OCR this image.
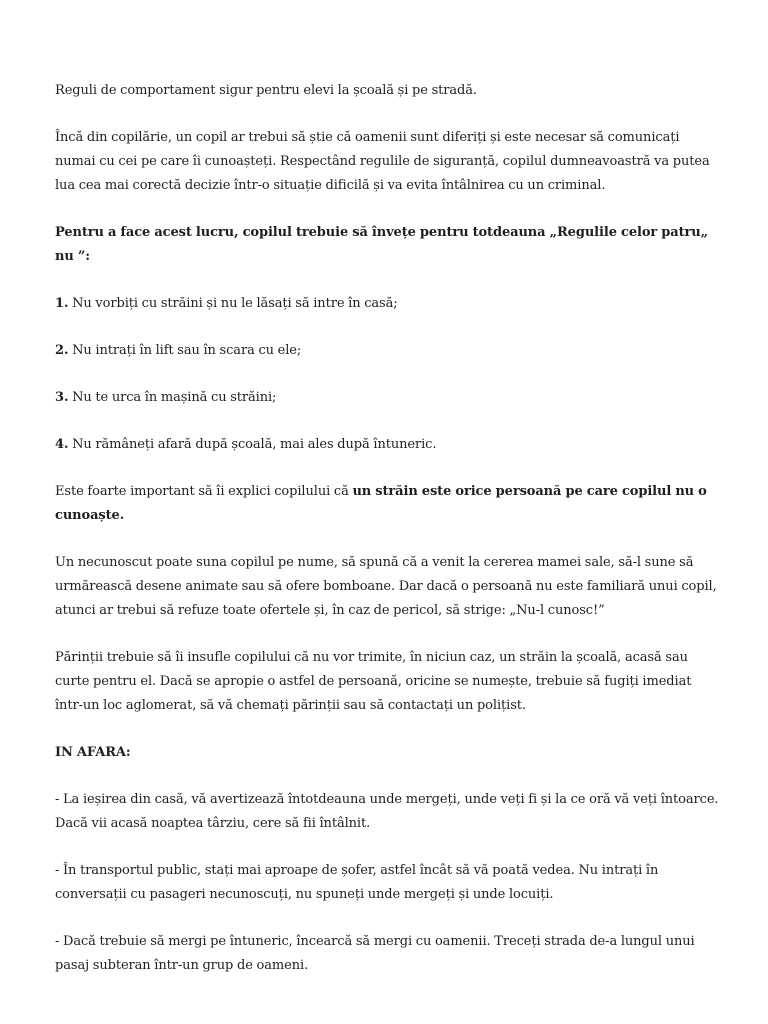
Reguli de comportament sigur pentru elevi la școală și pe stradă.

Încă din copilărie, un copil ar trebui să știe că oamenii sunt diferiți și este necesar să comunicați numai cu cei pe care îi cunoașteți. Respectând regulile de siguranță, copilul dumneavoastră va putea lua cea mai corectă decizie într-o situație dificilă și va evita întâlnirea cu un criminal.

Pentru a face acest lucru, copilul trebuie să învețe pentru totdeauna „Regulile celor patru„ nu ”:

1. Nu vorbiți cu străini și nu le lăsați să intre în casă;

2. Nu intrați în lift sau în scara cu ele;

3. Nu te urca în mașină cu străini;

4. Nu rămâneți afară după școală, mai ales după întuneric.

Este foarte important să îi explici copilului că un străin este orice persoană pe care copilul nu o cunoaște.

Un necunoscut poate suna copilul pe nume, să spună că a venit la cererea mamei sale, să-l sune să urmărească desene animate sau să ofere bomboane. Dar dacă o persoană nu este familiară unui copil, atunci ar trebui să refuze toate ofertele și, în caz de pericol, să strige: „Nu-l cunosc!”

Părinții trebuie să îi insufle copilului că nu vor trimite, în niciun caz, un străin la școală, acasă sau curte pentru el. Dacă se apropie o astfel de persoană, oricine se numește, trebuie să fugiți imediat într-un loc aglomerat, să vă chemați părinții sau să contactați un polițist.

IN AFARA:

- La ieșirea din casă, vă avertizează întotdeauna unde mergeți, unde veți fi și la ce oră vă veți întoarce. Dacă vii acasă noaptea târziu, cere să fii întâlnit.

- În transportul public, stați mai aproape de șofer, astfel încât să vă poată vedea. Nu intrați în conversații cu pasageri necunoscuți, nu spuneți unde mergeți și unde locuiți.

- Dacă trebuie să mergi pe întuneric, încearcă să mergi cu oamenii. Treceți strada de-a lungul unui pasaj subteran într-un grup de oameni.
